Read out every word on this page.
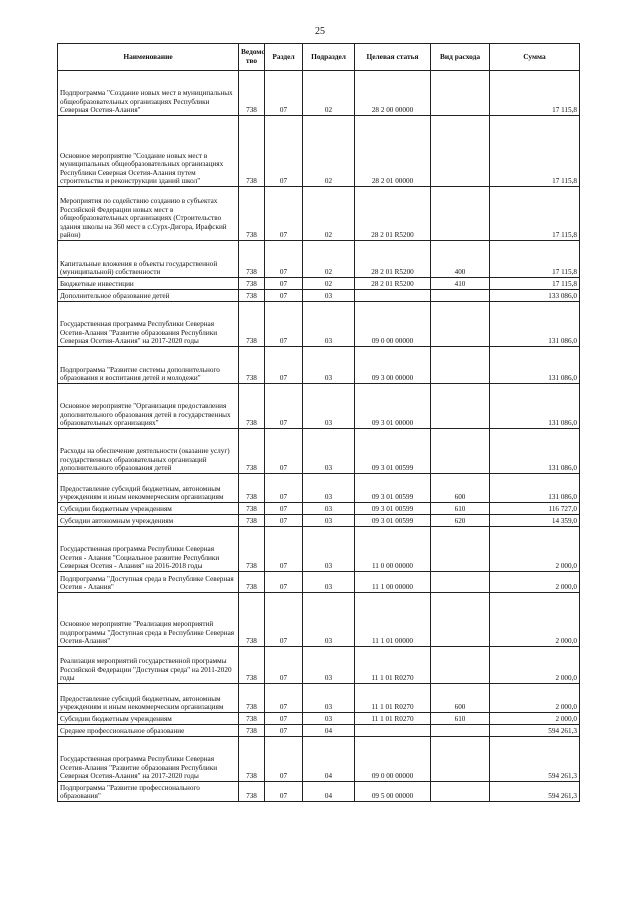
25
Наименование	Ведомс тво	Раздел	Подраздел	Целевая статья	Вид расхода	Сумма
Подпрограмма "Создание новых мест в муниципальных общеобразовательных организациях Республики Северная Осетия-Алания"	738	07	02	28 2 00 00000		17 115,8
Основное мероприятие "Создание новых мест в муниципальных общеобразовательных организациях Республики Северная Осетия-Алания путем строительства и реконструкции зданий школ"	738	07	02	28 2 01 00000		17 115,8
Мероприятия по содействию созданию в субъектах Российской Федерации новых мест в общеобразовательных организациях (Строительство здания школы на 360 мест в с.Сурх-Дигора, Ирафский район)	738	07	02	28 2 01 R5200		17 115,8
Капитальные вложения в объекты государственной (муниципальной) собственности	738	07	02	28 2 01 R5200	400	17 115,8
Бюджетные инвестиции	738	07	02	28 2 01 R5200	410	17 115,8
Дополнительное образование детей	738	07	03			133 086,0
Государственная программа Республики Северная Осетия-Алания "Развитие образования Республики Северная Осетия-Алания" на 2017-2020 годы	738	07	03	09 0 00 00000		131 086,0
Подпрограмма "Развитие системы дополнительного образования и воспитания детей и молодежи"	738	07	03	09 3 00 00000		131 086,0
Основное мероприятие "Организация предоставления дополнительного образования детей в государственных образовательных организациях"	738	07	03	09 3 01 00000		131 086,0
Расходы на обеспечение деятельности (оказание услуг) государственных образовательных организаций дополнительного образования детей	738	07	03	09 3 01 00599		131 086,0
Предоставление субсидий бюджетным, автономным учреждениям и иным некоммерческим организациям	738	07	03	09 3 01 00599	600	131 086,0
Субсидии бюджетным учреждениям	738	07	03	09 3 01 00599	610	116 727,0
Субсидии автономным учреждениям	738	07	03	09 3 01 00599	620	14 359,0
Государственная программа Республики Северная Осетия - Алания "Социальное развитие Республики Северная Осетия - Алания" на 2016-2018 годы	738	07	03	11 0 00 00000		2 000,0
Подпрограмма "Доступная среда в Республике Северная Осетия - Алания"	738	07	03	11 1 00 00000		2 000,0
Основное мероприятие "Реализация мероприятий подпрограммы "Доступная среда в Республике Северная Осетия-Алания"	738	07	03	11 1 01 00000		2 000,0
Реализация мероприятий государственной программы Российской Федерации "Доступная среда" на 2011-2020 годы	738	07	03	11 1 01 R0270		2 000,0
Предоставление субсидий бюджетным, автономным учреждениям и иным некоммерческим организациям	738	07	03	11 1 01 R0270	600	2 000,0
Субсидии бюджетным учреждениям	738	07	03	11 1 01 R0270	610	2 000,0
Среднее профессиональное образование	738	07	04			594 261,3
Государственная программа Республики Северная Осетия-Алания "Развитие образования Республики Северная Осетия-Алания" на 2017-2020 годы	738	07	04	09 0 00 00000		594 261,3
Подпрограмма "Развитие профессионального образования"	738	07	04	09 5 00 00000		594 261,3
